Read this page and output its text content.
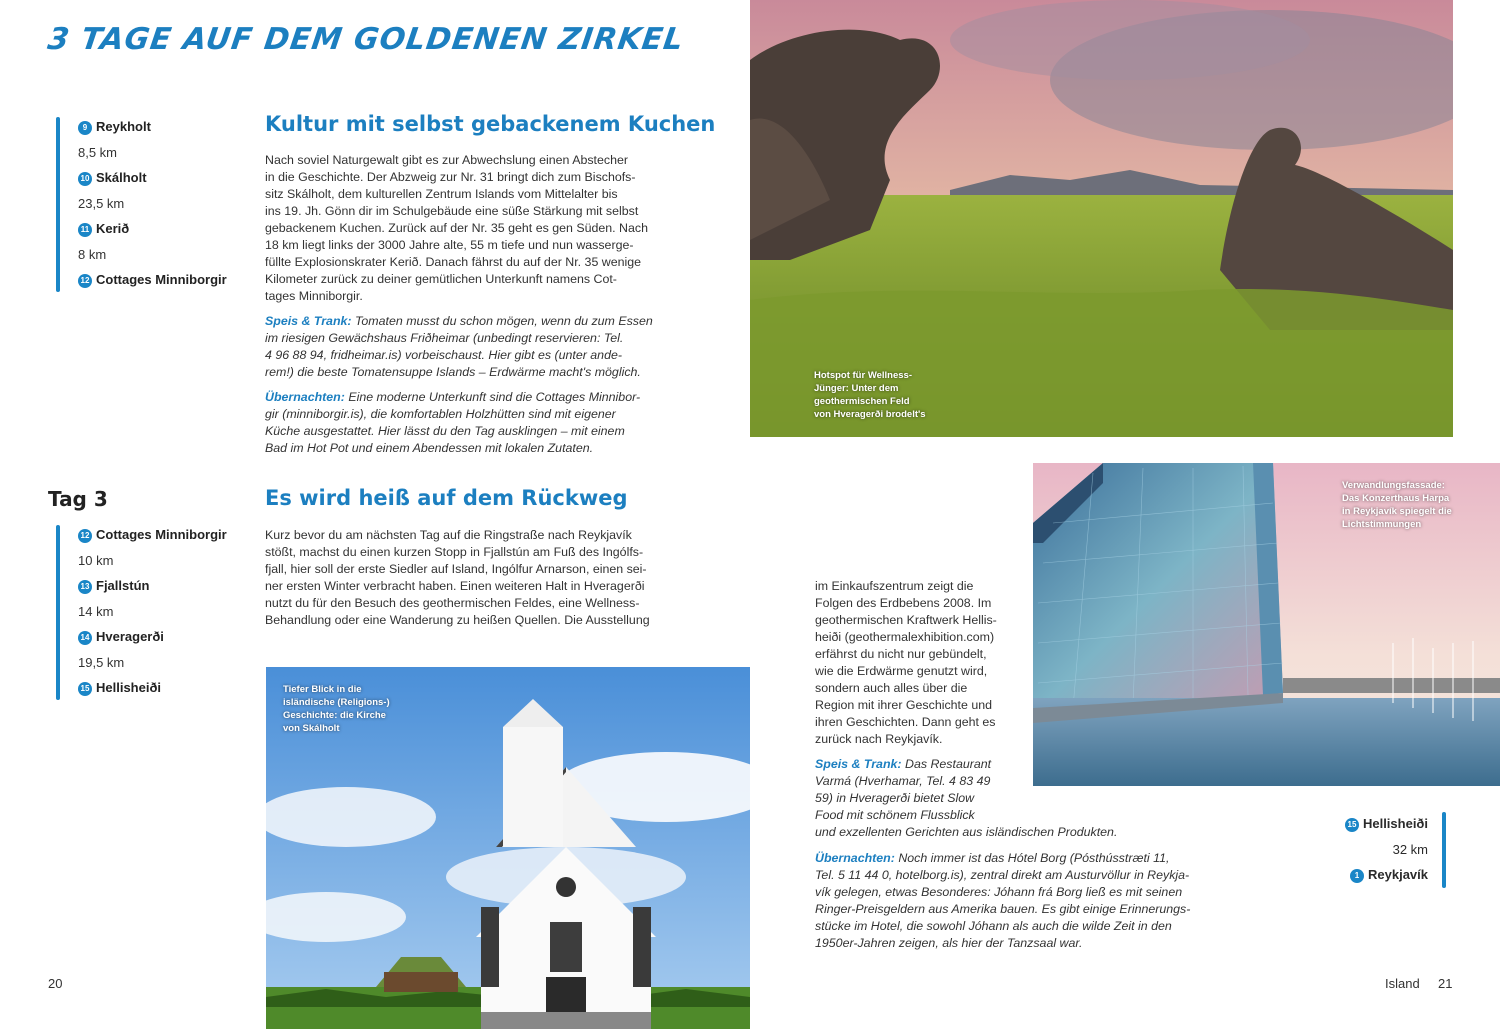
3 TAGE AUF DEM GOLDENEN ZIRKEL
9 Reykholt
8,5 km
10 Skálholt
23,5 km
11 Kerið
8 km
12 Cottages Minniborgir
Kultur mit selbst gebackenem Kuchen

Nach soviel Naturgewalt gibt es zur Abwechslung einen Abstecher
in die Geschichte. Der Abzweig zur Nr. 31 bringt dich zum Bischofs-
sitz Skálholt, dem kulturellen Zentrum Islands vom Mittelalter bis
ins 19. Jh. Gönn dir im Schulgebäude eine süße Stärkung mit selbst
gebackenem Kuchen. Zurück auf der Nr. 35 geht es gen Süden. Nach
18 km liegt links der 3000 Jahre alte, 55 m tiefe und nun wasserge-
füllte Explosionskrater Kerið. Danach fährst du auf der Nr. 35 wenige
Kilometer zurück zu deiner gemütlichen Unterkunft namens Cot-
tages Minniborgir.

Speis & Trank: Tomaten musst du schon mögen, wenn du zum Essen
im riesigen Gewächshaus Friðheimar (unbedingt reservieren: Tel.
4 96 88 94, fridheimar.is) vorbeischaust. Hier gibt es (unter ande-
rem!) die beste Tomatensuppe Islands – Erdwärme macht's möglich.

Übernachten: Eine moderne Unterkunft sind die Cottages Minnibor-
gir (minniborgir.is), die komfortablen Holzhütten sind mit eigener
Küche ausgestattet. Hier lässt du den Tag ausklingen – mit einem
Bad im Hot Pot und einem Abendessen mit lokalen Zutaten.

Tag 3
12 Cottages Minniborgir
10 km
13 Fjallstún
14 km
14 Hveragerði
19,5 km
15 Hellisheiði
Es wird heiß auf dem Rückweg
Kurz bevor du am nächsten Tag auf die Ringstraße nach Reykjavík
stößt, machst du einen kurzen Stopp in Fjallstún am Fuß des Ingólfs-
fjall, hier soll der erste Siedler auf Island, Ingólfur Arnarson, einen sei-
ner ersten Winter verbracht haben. Einen weiteren Halt in Hveragerði
nutzt du für den Besuch des geothermischen Feldes, eine Wellness-
Behandlung oder eine Wanderung zu heißen Quellen. Die Ausstellung
Tiefer Blick in die
isländische (Religions-)
Geschichte: die Kirche
von Skálholt
Hotspot für Wellness-
Jünger: Unter dem
geothermischen Feld
von Hveragerði brodelt's
Verwandlungsfassade:
Das Konzerthaus Harpa
in Reykjavík spiegelt die
Lichtstimmungen
im Einkaufszentrum zeigt die
Folgen des Erdbebens 2008. Im
geothermischen Kraftwerk Hellis-
heiði (geothermalexhibition.com)
erfährst du nicht nur gebündelt,
wie die Erdwärme genutzt wird,
sondern auch alles über die
Region mit ihrer Geschichte und
ihren Geschichten. Dann geht es
zurück nach Reykjavík.
Speis & Trank: Das Restaurant
Varmá (Hverhamar, Tel. 4 83 49
59) in Hveragerði bietet Slow
Food mit schönem Flussblick
und exzellenten Gerichten aus isländischen Produkten.
Übernachten: Noch immer ist das Hótel Borg (Pósthússtræti 11,
Tel. 5 11 44 0, hotelborg.is), zentral direkt am Austurvöllur in Reykja-
vík gelegen, etwas Besonderes: Jóhann frá Borg ließ es mit seinen
Ringer-Preisgeldern aus Amerika bauen. Es gibt einige Erinnerungs-
stücke im Hotel, die sowohl Jóhann als auch die wilde Zeit in den
1950er-Jahren zeigen, als hier der Tanzsaal war.
15 Hellisheiði
32 km
1 Reykjavík
20	Island 21
